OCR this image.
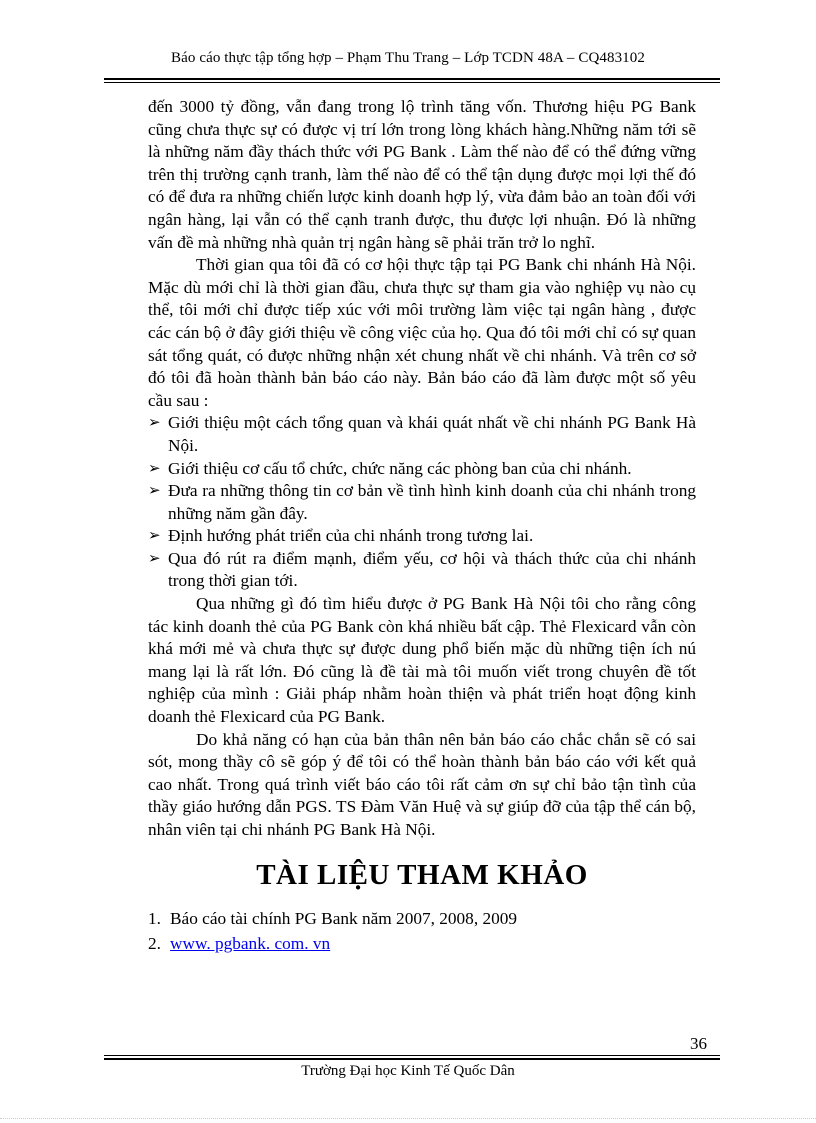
Báo cáo thực tập tổng hợp – Phạm Thu Trang – Lớp TCDN 48A – CQ483102

đến 3000 tỷ đồng, vẫn đang trong lộ trình tăng vốn. Thương hiệu PG Bank cũng chưa thực sự có được vị trí lớn trong lòng khách hàng.Những năm tới sẽ là những năm đầy thách thức với PG Bank . Làm thế nào để có thể đứng vững trên thị trường cạnh tranh, làm thế nào để có thể tận dụng được mọi lợi thế đó có để đưa ra những chiến lược kinh doanh hợp lý, vừa đảm bảo an toàn đối với ngân hàng, lại vẫn có thể cạnh tranh được, thu được lợi nhuận. Đó là những vấn đề mà những nhà quản trị ngân hàng sẽ phải trăn trở lo nghĩ.

Thời gian qua tôi đã có cơ hội thực tập tại PG Bank chi nhánh Hà Nội. Mặc dù mới chỉ là thời gian đầu, chưa thực sự tham gia vào nghiệp vụ nào cụ thể, tôi mới chỉ được tiếp xúc với môi trường làm việc tại ngân hàng , được các cán bộ ở đây giới thiệu về công việc của họ. Qua đó tôi mới chỉ có sự quan sát tổng quát, có được những nhận xét chung nhất về chi nhánh. Và trên cơ sở đó tôi đã hoàn thành bản báo cáo này. Bản báo cáo đã làm được một số yêu cầu sau :

➢ Giới thiệu một cách tổng quan và khái quát nhất về chi nhánh PG Bank Hà Nội.
➢ Giới thiệu cơ cấu tổ chức, chức năng các phòng ban của chi nhánh.
➢ Đưa ra những thông tin cơ bản về tình hình kinh doanh của chi nhánh trong những năm gần đây.
➢ Định hướng phát triển của chi nhánh trong tương lai.
➢ Qua đó rút ra điểm mạnh, điểm yếu, cơ hội và thách thức của chi nhánh trong thời gian tới.

Qua những gì đó tìm hiểu được ở PG Bank Hà Nội tôi cho rằng công tác kinh doanh thẻ của PG Bank còn khá nhiều bất cập. Thẻ Flexicard vẫn còn khá mới mẻ và chưa thực sự được dung phổ biến mặc dù những tiện ích nú mang lại là rất lớn. Đó cũng là đề tài mà tôi muốn viết trong chuyên đề tốt nghiệp của mình : Giải pháp nhằm hoàn thiện và phát triển hoạt động kinh doanh thẻ Flexicard của PG Bank.

Do khả năng có hạn của bản thân nên bản báo cáo chắc chắn sẽ có sai sót, mong thầy cô sẽ góp ý để tôi có thể hoàn thành bản báo cáo với kết quả cao nhất. Trong quá trình viết báo cáo tôi rất cảm ơn sự chỉ bảo tận tình của thầy giáo hướng dẫn PGS. TS Đàm Văn Huệ và sự giúp đỡ của tập thể cán bộ, nhân viên tại chi nhánh PG Bank Hà Nội.

TÀI LIỆU THAM KHẢO
1. Báo cáo tài chính PG Bank năm 2007, 2008, 2009
2. www. pgbank. com. vn
36
Trường Đại học Kinh Tế Quốc Dân
